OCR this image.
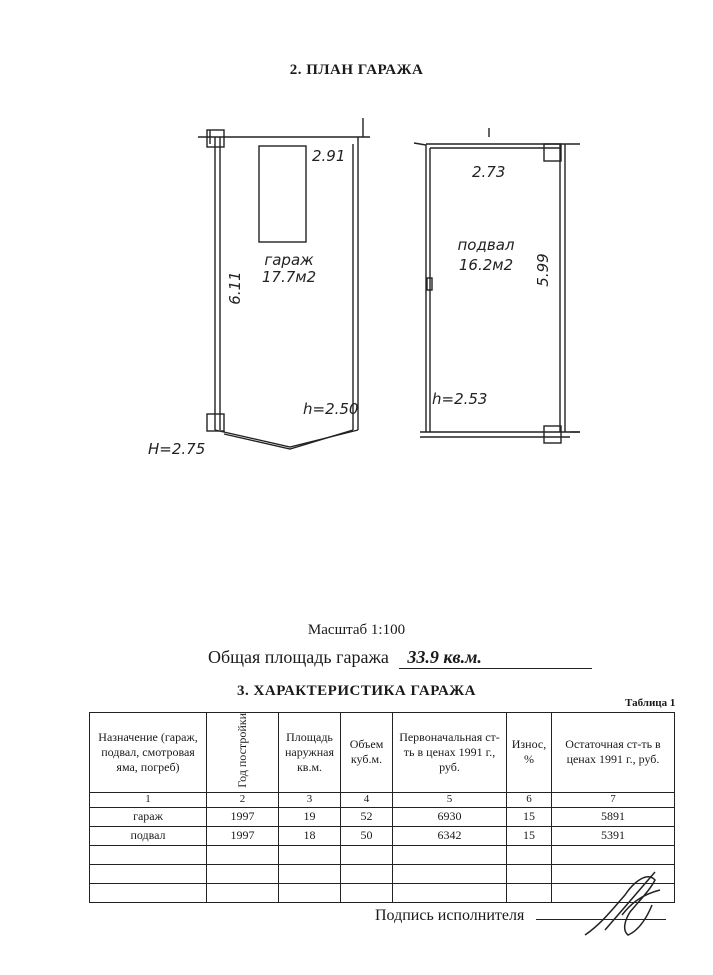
2. ПЛАН ГАРАЖА
2.91
6.11
гараж
17.7м2
h=2.50
2.73
5.99
подвал
16.2м2
h=2.53
H=2.75
Масштаб 1:100
Общая площадь гаража 33.9 кв.м.
3. ХАРАКТЕРИСТИКА ГАРАЖА
Таблица 1
Назначение (гараж, подвал, смотровая яма, погреб)	Год постройки	Площадь наружная кв.м.	Объем куб.м.	Первоначальная ст-ть в ценах 1991 г., руб.	Износ, %	Остаточная ст-ть в ценах 1991 г., руб.
1	2	3	4	5	6	7
гараж	1997	19	52	6930	15	5891
подвал	1997	18	50	6342	15	5391

Подпись исполнителя
